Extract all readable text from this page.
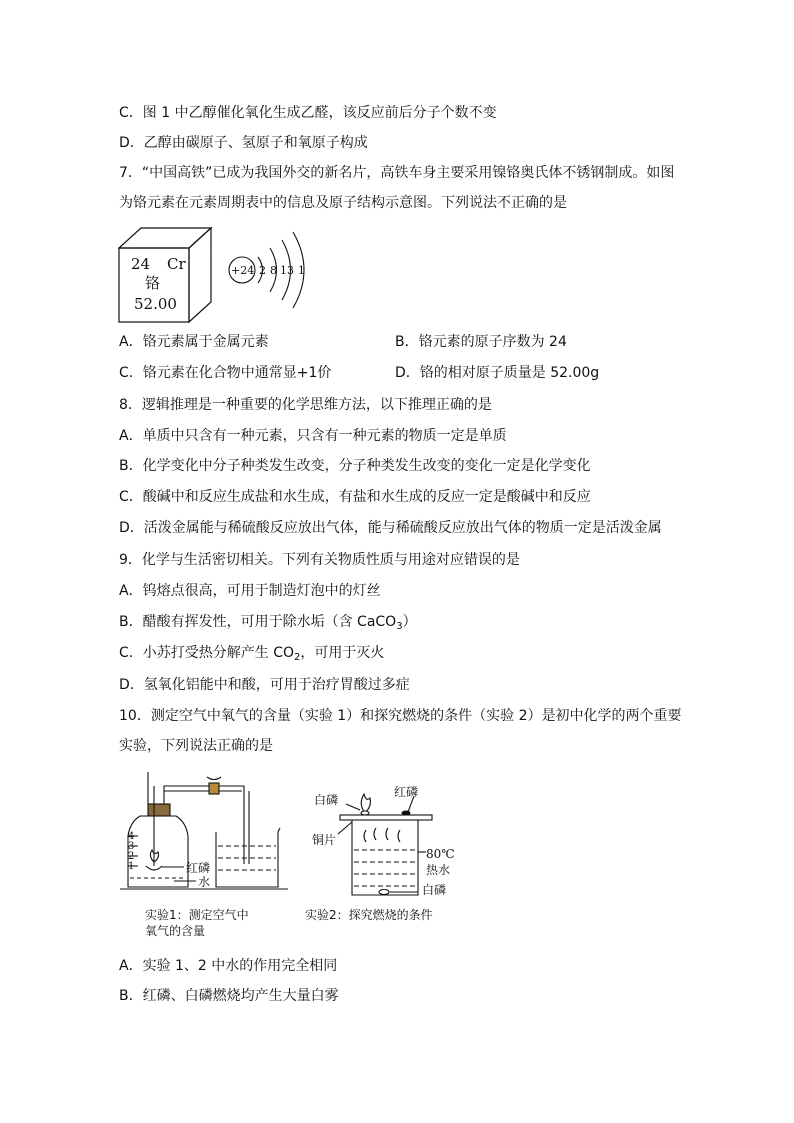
C．图 1 中乙醇催化氧化生成乙醛，该反应前后分子个数不变
D．乙醇由碳原子、氢原子和氧原子构成
7．“中国高铁”已成为我国外交的新名片，高铁车身主要采用镍铬奥氏体不锈钢制成。如图
为铬元素在元素周期表中的信息及原子结构示意图。下列说法不正确的是
24 Cr
铬
52.00
+24 2 8 13 1
A．铬元素属于金属元素	B．铬元素的原子序数为 24
C．铬元素在化合物中通常显+1价	D．铬的相对原子质量是 52.00g
8．逻辑推理是一种重要的化学思维方法，以下推理正确的是
A．单质中只含有一种元素，只含有一种元素的物质一定是单质
B．化学变化中分子种类发生改变，分子种类发生改变的变化一定是化学变化
C．酸碱中和反应生成盐和水生成，有盐和水生成的反应一定是酸碱中和反应
D．活泼金属能与稀硫酸反应放出气体，能与稀硫酸反应放出气体的物质一定是活泼金属
9．化学与生活密切相关。下列有关物质性质与用途对应错误的是
A．钨熔点很高，可用于制造灯泡中的灯丝
B．醋酸有挥发性，可用于除水垢（含 CaCO$_3$）
C．小苏打受热分解产生 $CO_2$，可用于灭火
D．氢氧化铝能中和酸，可用于治疗胃酸过多症
10．测定空气中氧气的含量（实验 1）和探究燃烧的条件（实验 2）是初中化学的两个重要
实验，下列说法正确的是
4
3
2
1	红磷
水
实验1：测定空气中
氧气的含量
白磷
红磷
铜片
80℃
热水
白磷
实验2：探究燃烧的条件
A．实验 1、2 中水的作用完全相同
B．红磷、白磷燃烧均产生大量白雾
